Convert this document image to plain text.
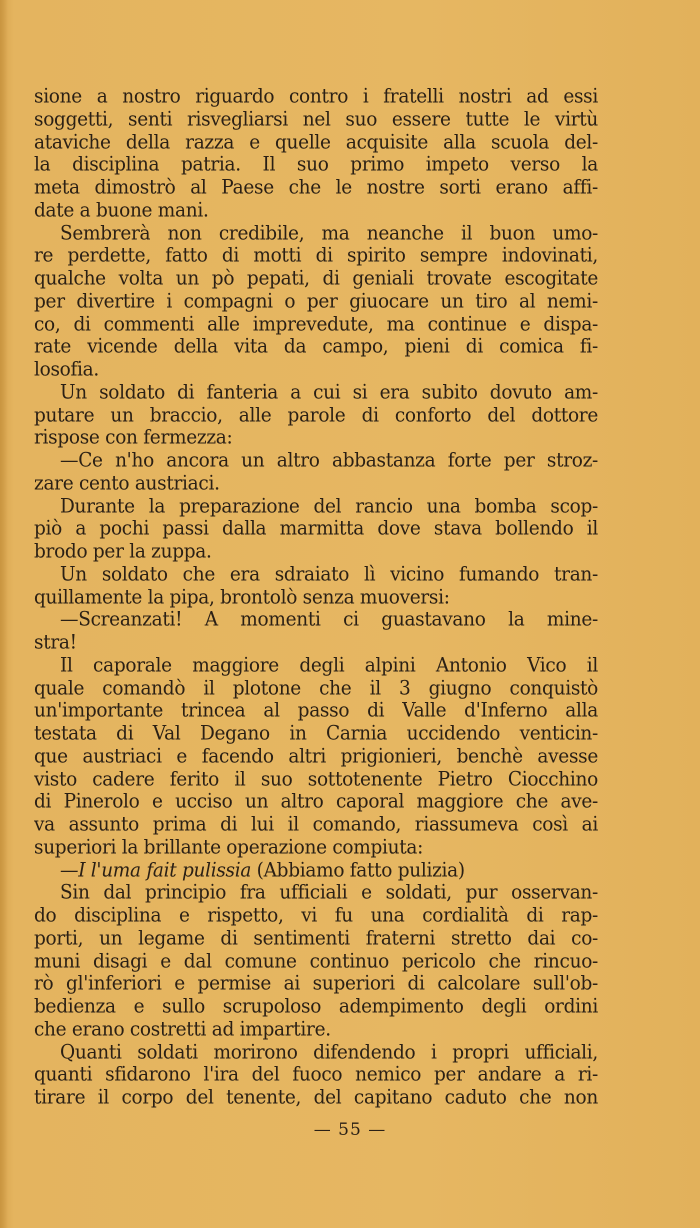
sione a nostro riguardo contro i fratelli nostri ad essi
soggetti, senti risvegliarsi nel suo essere tutte le virtù
ataviche della razza e quelle acquisite alla scuola del-
la disciplina patria. Il suo primo impeto verso la
meta dimostrò al Paese che le nostre sorti erano affi-
date a buone mani.
Sembrerà non credibile, ma neanche il buon umo-
re perdette, fatto di motti di spirito sempre indovinati,
qualche volta un pò pepati, di geniali trovate escogitate
per divertire i compagni o per giuocare un tiro al nemi-
co, di commenti alle imprevedute, ma continue e dispa-
rate vicende della vita da campo, pieni di comica fi-
losofia.
Un soldato di fanteria a cui si era subito dovuto am-
putare un braccio, alle parole di conforto del dottore
rispose con fermezza:
—Ce n'ho ancora un altro abbastanza forte per stroz-
zare cento austriaci.
Durante la preparazione del rancio una bomba scop-
piò a pochi passi dalla marmitta dove stava bollendo il
brodo per la zuppa.
Un soldato che era sdraiato lì vicino fumando tran-
quillamente la pipa, brontolò senza muoversi:
—Screanzati! A momenti ci guastavano la mine-
stra!
Il caporale maggiore degli alpini Antonio Vico il
quale comandò il plotone che il 3 giugno conquistò
un'importante trincea al passo di Valle d'Inferno alla
testata di Val Degano in Carnia uccidendo venticin-
que austriaci e facendo altri prigionieri, benchè avesse
visto cadere ferito il suo sottotenente Pietro Ciocchino
di Pinerolo e ucciso un altro caporal maggiore che ave-
va assunto prima di lui il comando, riassumeva così ai
superiori la brillante operazione compiuta:
—I l'uma fait pulissia (Abbiamo fatto pulizia)
Sin dal principio fra ufficiali e soldati, pur osservan-
do disciplina e rispetto, vi fu una cordialità di rap-
porti, un legame di sentimenti fraterni stretto dai co-
muni disagi e dal comune continuo pericolo che rincuo-
rò gl'inferiori e permise ai superiori di calcolare sull'ob-
bedienza e sullo scrupoloso adempimento degli ordini
che erano costretti ad impartire.
Quanti soldati morirono difendendo i propri ufficiali,
quanti sfidarono l'ira del fuoco nemico per andare a ri-
tirare il corpo del tenente, del capitano caduto che non
— 55 —
